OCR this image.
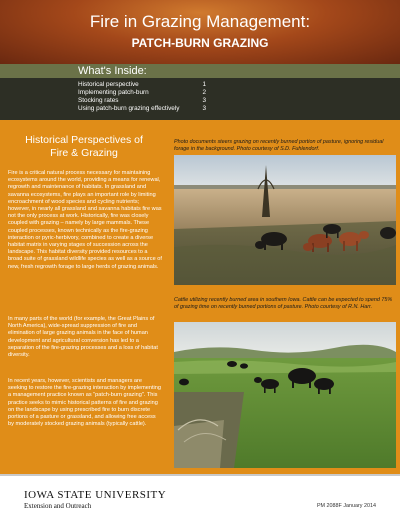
Fire in Grazing Management:
PATCH-BURN GRAZING
What's Inside:
Historical perspective	1
Implementing patch-burn	2
Stocking rates	3
Using patch-burn grazing effectively	3
Historical Perspectives of
Fire & Grazing
Fire is a critical natural process necessary for maintaining ecosystems around the world, providing a means for renewal, regrowth and maintenance of habitats. In grassland and savanna ecosystems, fire plays an important role by limiting encroachment of wood species and cycling nutrients; however, in nearly all grassland and savanna habitats fire was not the only process at work. Historically, fire was closely coupled with grazing – namely by large mammals. These coupled processes, known technically as the fire-grazing interaction or pyric-herbivory, combined to create a diverse habitat matrix in varying stages of succession across the landscape. This habitat diversity provided resources to a broad suite of grassland wildlife species as well as a source of new, fresh regrowth forage to large herds of grazing animals.
In many parts of the world (for example, the Great Plains of North America), wide-spread suppression of fire and elimination of large grazing animals in the face of human development and agricultural conversion has led to a separation of the fire-grazing processes and a loss of habitat diversity.
In recent years, however, scientists and managers are seeking to restore the fire-grazing interaction by implementing a management practice known as "patch-burn grazing". This practice seeks to mimic historical patterns of fire and grazing on the landscape by using prescribed fire to burn discrete portions of a pasture or grassland, and allowing free access by moderately stocked grazing animals (typically cattle).
Photo documents steers grazing on recently burned portion of pasture, ignoring residual forage in the background. Photo courtesy of S.D. Fuhlendorf.
Cattle utilizing recently burned area in southern Iowa. Cattle can be expected to spend 75% of grazing time on recently burned portions of pasture. Photo courtesy of R.N. Harr.
IOWA STATE UNIVERSITY
Extension and Outreach	PM 2088F January 2014
